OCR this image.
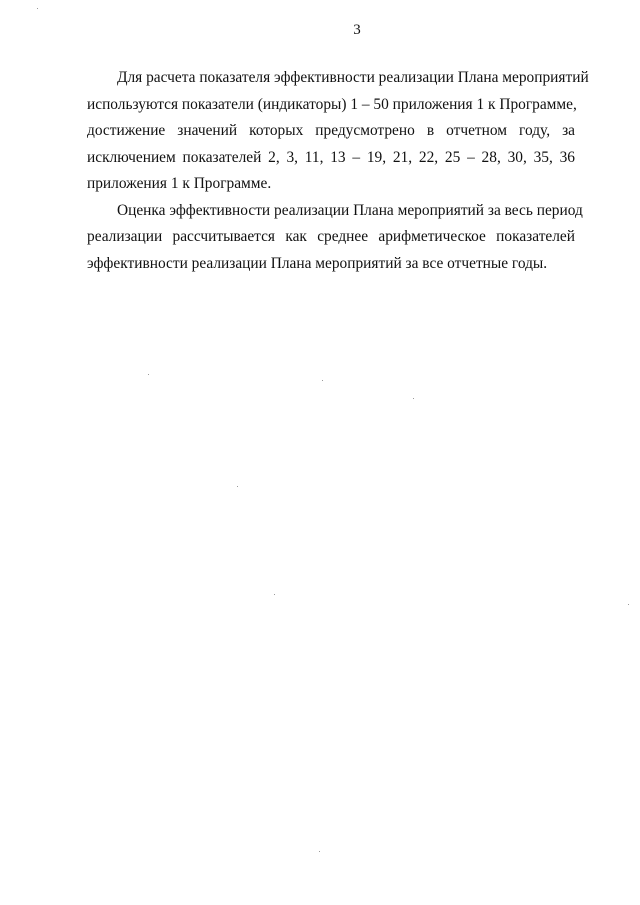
3

Для расчета показателя эффективности реализации Плана мероприятий
используются показатели (индикаторы) 1 – 50 приложения 1 к Программе,
достижение значений которых предусмотрено в отчетном году, за
исключением показателей 2, 3, 11, 13 – 19, 21, 22, 25 – 28, 30, 35, 36
приложения 1 к Программе.

Оценка эффективности реализации Плана мероприятий за весь период
реализации рассчитывается как среднее арифметическое показателей
эффективности реализации Плана мероприятий за все отчетные годы.
